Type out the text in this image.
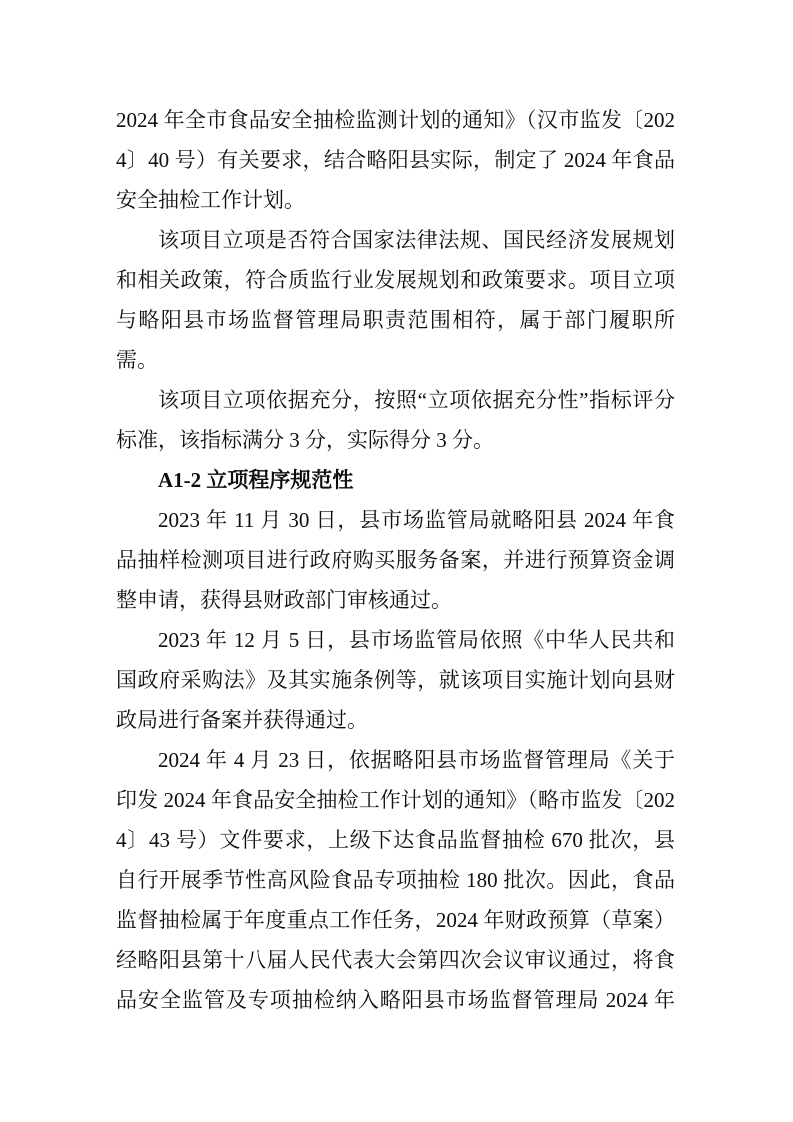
2024 年全市食品安全抽检监测计划的通知》（汉市监发〔2024〕40 号）有关要求，结合略阳县实际，制定了 2024 年食品安全抽检工作计划。

该项目立项是否符合国家法律法规、国民经济发展规划和相关政策，符合质监行业发展规划和政策要求。项目立项与略阳县市场监督管理局职责范围相符，属于部门履职所需。

该项目立项依据充分，按照“立项依据充分性”指标评分标准，该指标满分 3 分，实际得分 3 分。

A1-2 立项程序规范性

2023 年 11 月 30 日，县市场监管局就略阳县 2024 年食品抽样检测项目进行政府购买服务备案，并进行预算资金调整申请，获得县财政部门审核通过。

2023 年 12 月 5 日，县市场监管局依照《中华人民共和国政府采购法》及其实施条例等，就该项目实施计划向县财政局进行备案并获得通过。

2024 年 4 月 23 日，依据略阳县市场监督管理局《关于印发 2024 年食品安全抽检工作计划的通知》（略市监发〔2024〕43 号）文件要求，上级下达食品监督抽检 670 批次，县自行开展季节性高风险食品专项抽检 180 批次。因此，食品监督抽检属于年度重点工作任务，2024 年财政预算（草案）经略阳县第十八届人民代表大会第四次会议审议通过，将食品安全监管及专项抽检纳入略阳县市场监督管理局 2024 年
